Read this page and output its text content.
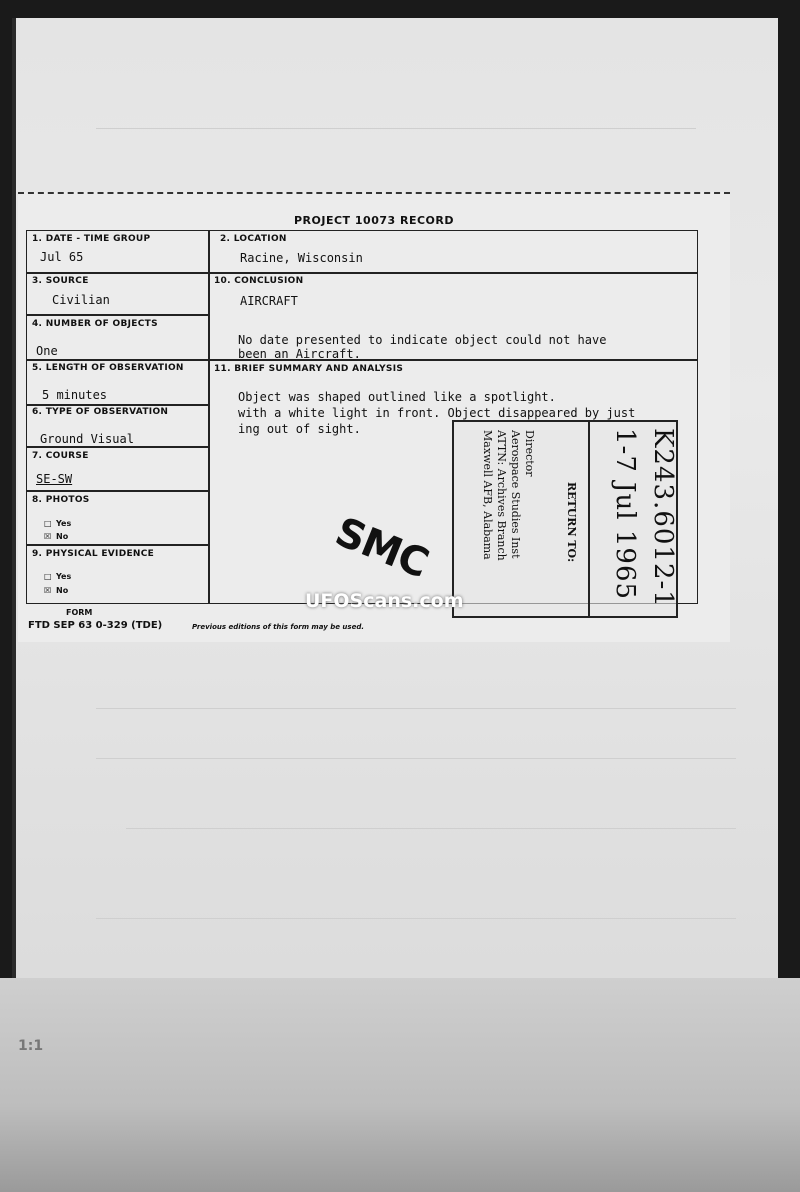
1:1
PROJECT 10073 RECORD
1. DATE - TIME GROUP
Jul 65
3. SOURCE
Civilian
4. NUMBER OF OBJECTS
One
5. LENGTH OF OBSERVATION
5 minutes
6. TYPE OF OBSERVATION
Ground Visual
7. COURSE
SE-SW
8. PHOTOS
□ Yes
☒ No
9. PHYSICAL EVIDENCE
□ Yes
☒ No
2. LOCATION
Racine, Wisconsin
10. CONCLUSION
AIRCRAFT
No date presented to indicate object could not have
been an Aircraft.
11. BRIEF SUMMARY AND ANALYSIS
Object was shaped outlined like a spotlight.
with a white light in front. Object disappeared by just
ing out of sight.
FORM
FTD SEP 63 0-329 (TDE)	Previous editions of this form may be used.
SMC
Director
Aerospace Studies Inst
ATTN: Archives Branch
Maxwell AFB, Alabama	RETURN TO:	K243.6012-1
1-7 Jul 1965
UFOScans.com
